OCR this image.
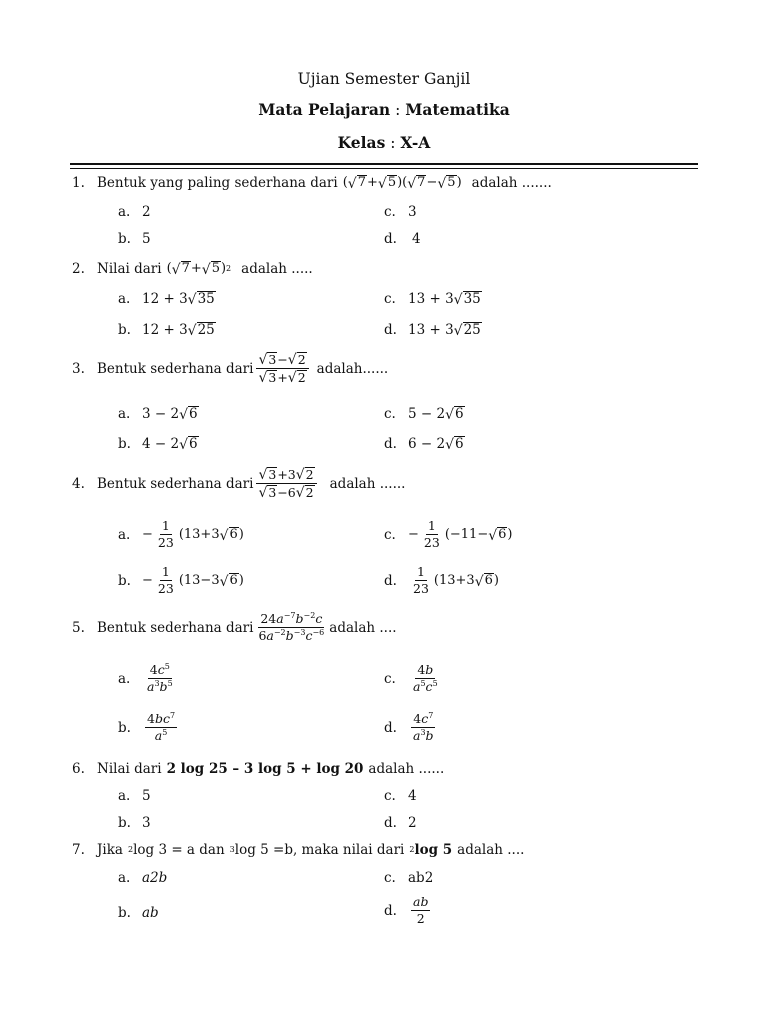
Ujian Semester Ganjil
Mata Pelajaran : Matematika
Kelas : X-A
1. Bentuk yang paling sederhana dari ( √ 7 + √ 5 )( √ 7 − √ 5 ) adalah .......
a. 2	c. 3
b. 5	d.	4
2. Nilai dari ( √ 7 + √ 5 ) 2 adalah .....
a. 12 + 3 √ 35	c. 13 + 3 √ 35
b. 12 + 3 √ 25	d. 13 + 3 √ 25
3. Bentuk sederhana dari $\frac{√ 3 - √ 2}{√ 3 + √ 2}$ adalah......
a. 3 − 2 √ 6	c. 5 − 2 √ 6
b. 4 − 2 √ 6	d. 6 − 2 √ 6
4. Bentuk sederhana dari $\frac{√ 3 +3 √ 2}{√ 3 -6 √ 2}$ adalah ......
a. − $\frac{1}{23} (13+3$ √ 6 )	c. − $\frac{1}{23} (-11-$ √ 6 )
b. − $\frac{1}{23} (13-3$ √ 6 )	d.	$\frac{1}{23} (13+3$ √ 6 )
5. Bentuk sederhana dari $\frac{24a^{-7}b^{-2}c}{6a^{-2}b^{-3}c^{-6}}$ adalah ....
a.	$\frac{4c^5}{a^3b^5}$	c.	$\frac{4b}{a^5c^5}$
b.	$\frac{4bc^7}{a^5}$	d.	$\frac{4c^7}{a^3b}$
6. Nilai dari 2 log 25 – 3 log 5 + log 20 adalah ......
a. 5	c. 4
b. 3	d. 2
7. Jika 2 log 3 = a dan 3 log 5 =b, maka nilai dari 2 log 5 adalah ....
a. a2b	c. ab2
b. ab	d.	$\frac{ab}{2}$
